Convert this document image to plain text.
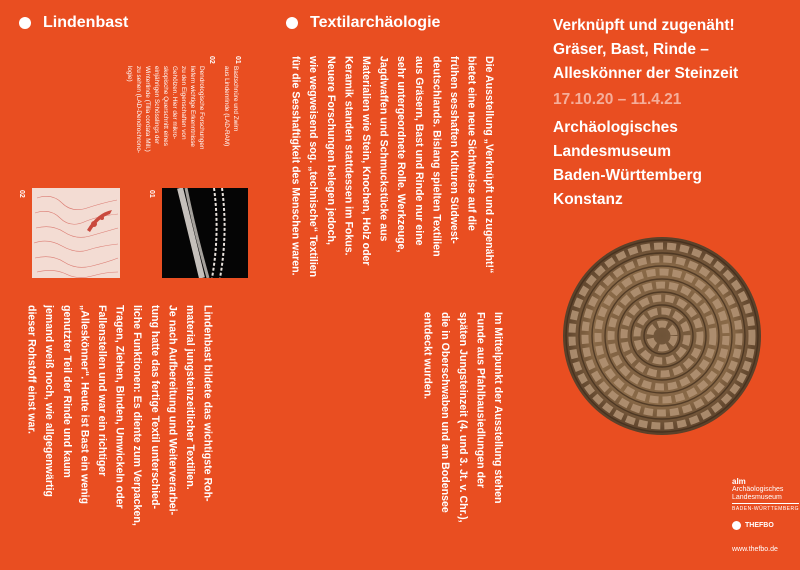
Lindenbast
01
Bastschnüre und Zwirn
aus Lindenrinde (LAD-RAM)
02
Dendrologische Forschungen
liefern wichtige Erkenntnisse
zu den Eigenschaften von
Gehölzen. Hier der mikro-
skopische Querschnitt eines
einjährigen Schösslings der
Winterlinde (Tilia cordata Mill.)
zu sehen (LAD-Dendrochrono-
logie)
02	01
Lindenbast bildete das wichtigste Roh-
material jungsteinzeitlicher Textilien.
Je nach Aufbereitung und Weiterverarbei-
tung hatte das fertige Textil unterschied-
liche Funktionen: Es diente zum Verpacken,
Tragen, Ziehen, Binden, Umwickeln oder
Fallenstellen und war ein richtiger
„Alleskönner“. Heute ist Bast ein wenig
genutzter Teil der Rinde und kaum
jemand weiß noch, wie allgegenwärtig
dieser Rohstoff einst war.
Textilarchäologie
Die Ausstellung „Verknüpft und zugenäht!“
bietet eine neue Sichtweise auf die
frühen sesshaften Kulturen Südwest-
deutschlands. Bislang spielten Textilien
aus Gräsern, Bast und Rinde nur eine
sehr untergeordnete Rolle. Werkzeuge,
Jagdwaffen und Schmuckstücke aus
Materialien wie Stein, Knochen, Holz oder
Keramik standen stattdessen im Fokus.
Neuere Forschungen belegen jedoch,
wie wegweisend sog. „technische“ Textilien
für die Sesshaftigkeit des Menschen waren.
Im Mittelpunkt der Ausstellung stehen
Funde aus Pfahlbausiedlungen der
späten Jungsteinzeit (4. und 3. Jt. v. Chr.),
die in Oberschwaben und am Bodensee
entdeckt wurden.
Verknüpft und zugenäht!
Gräser, Bast, Rinde –
Alleskönner der Steinzeit
17.10.20 – 11.4.21
Archäologisches
Landesmuseum
Baden-Württemberg
Konstanz
alm
Archäologisches
Landesmuseum
BADEN-WÜRTTEMBERG
THEFBO
www.thefbo.de
